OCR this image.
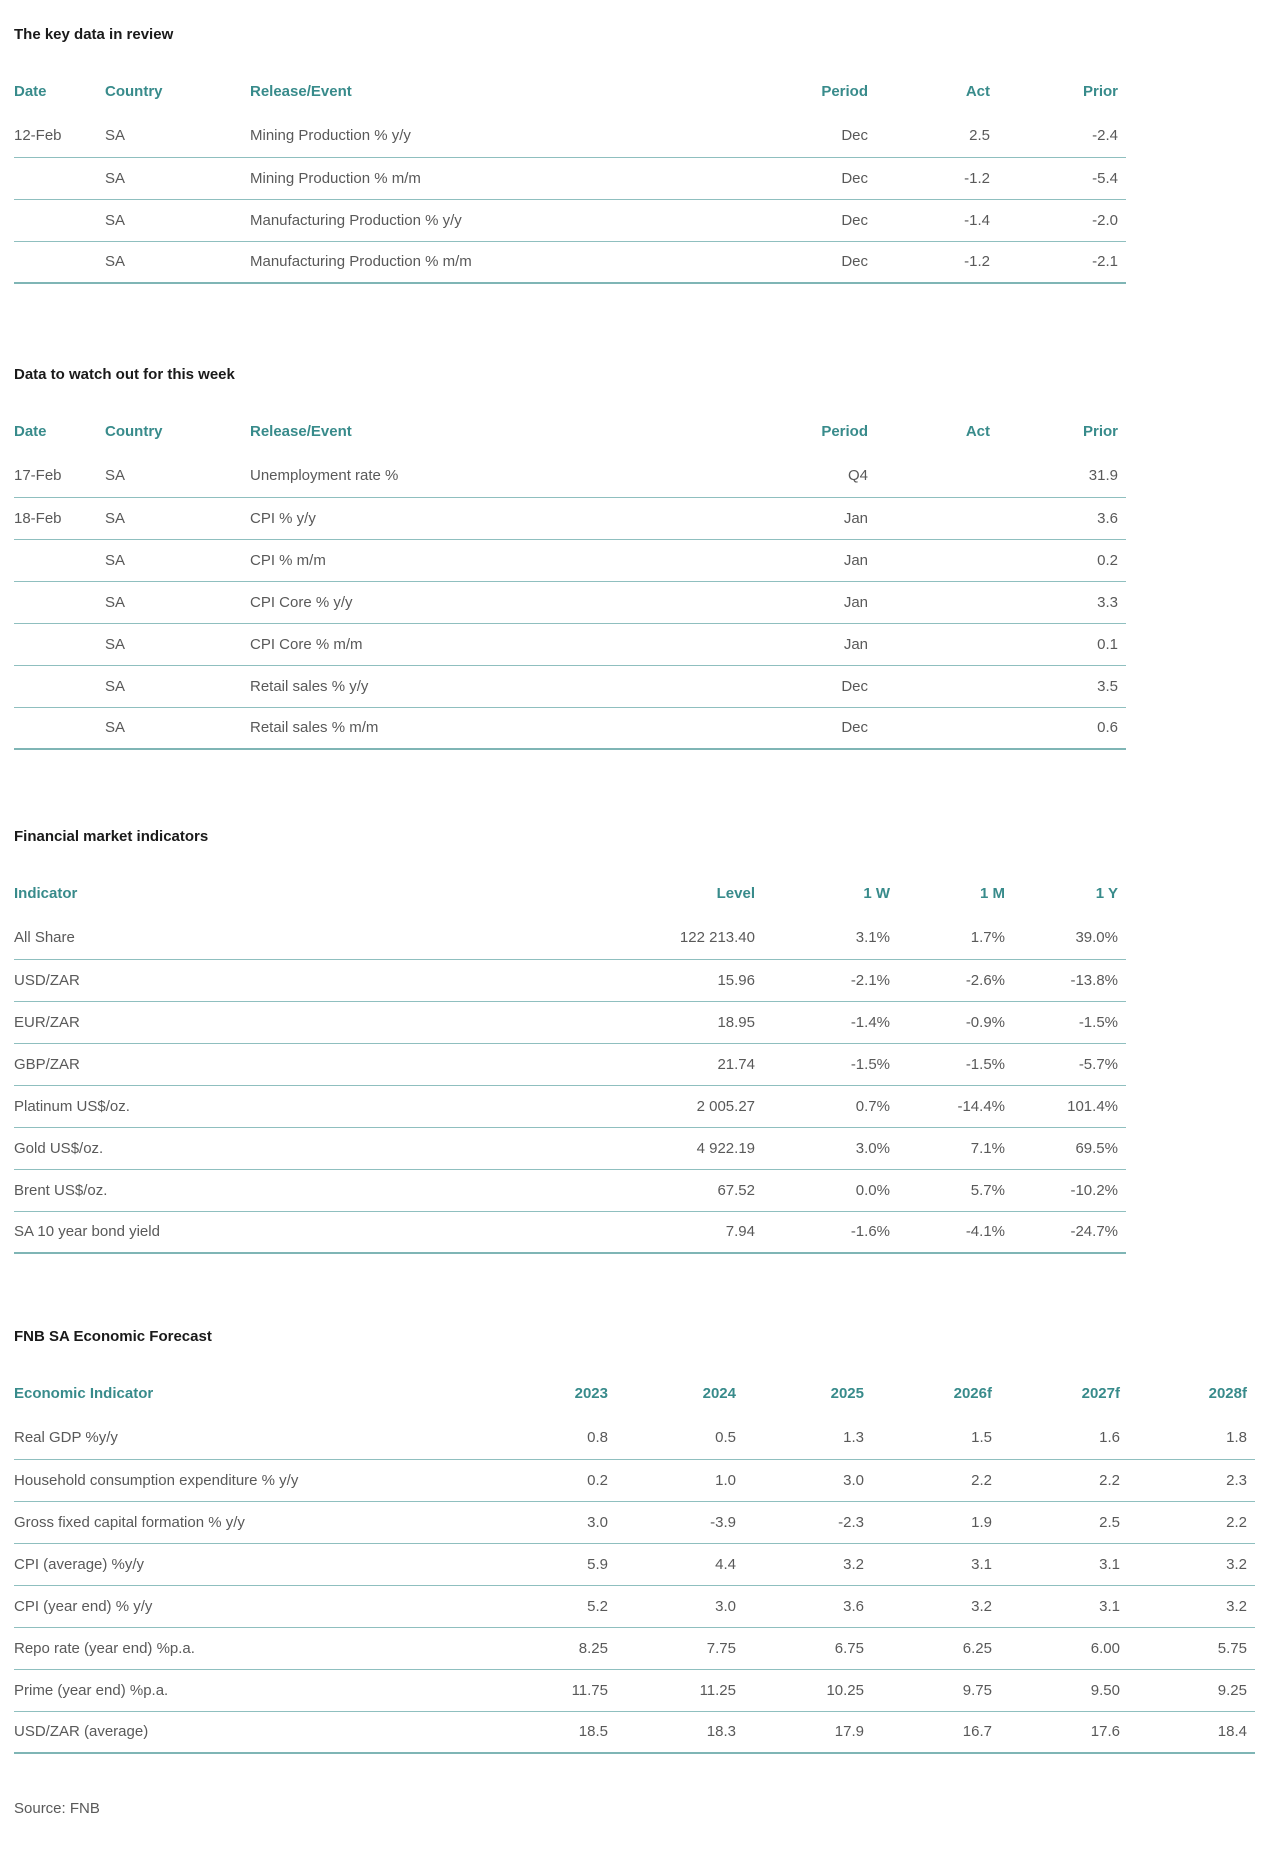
The key data in review
Date	Country	Release/Event	Period	Act	Prior
12-Feb	SA	Mining Production % y/y	Dec	2.5	-2.4
	SA	Mining Production % m/m	Dec	-1.2	-5.4
	SA	Manufacturing Production % y/y	Dec	-1.4	-2.0
	SA	Manufacturing Production % m/m	Dec	-1.2	-2.1
Data to watch out for this week
Date	Country	Release/Event	Period	Act	Prior
17-Feb	SA	Unemployment rate %	Q4		31.9
18-Feb	SA	CPI % y/y	Jan		3.6
	SA	CPI % m/m	Jan		0.2
	SA	CPI Core % y/y	Jan		3.3
	SA	CPI Core % m/m	Jan		0.1
	SA	Retail sales % y/y	Dec		3.5
	SA	Retail sales % m/m	Dec		0.6
Financial market indicators
Indicator	Level	1 W	1 M	1 Y
All Share	122 213.40	3.1%	1.7%	39.0%
USD/ZAR	15.96	-2.1%	-2.6%	-13.8%
EUR/ZAR	18.95	-1.4%	-0.9%	-1.5%
GBP/ZAR	21.74	-1.5%	-1.5%	-5.7%
Platinum US$/oz.	2 005.27	0.7%	-14.4%	101.4%
Gold US$/oz.	4 922.19	3.0%	7.1%	69.5%
Brent US$/oz.	67.52	0.0%	5.7%	-10.2%
SA 10 year bond yield	7.94	-1.6%	-4.1%	-24.7%
FNB SA Economic Forecast
Economic Indicator	2023	2024	2025	2026f	2027f	2028f
Real GDP %y/y	0.8	0.5	1.3	1.5	1.6	1.8
Household consumption expenditure % y/y	0.2	1.0	3.0	2.2	2.2	2.3
Gross fixed capital formation % y/y	3.0	-3.9	-2.3	1.9	2.5	2.2
CPI (average) %y/y	5.9	4.4	3.2	3.1	3.1	3.2
CPI (year end) % y/y	5.2	3.0	3.6	3.2	3.1	3.2
Repo rate (year end) %p.a.	8.25	7.75	6.75	6.25	6.00	5.75
Prime (year end) %p.a.	11.75	11.25	10.25	9.75	9.50	9.25
USD/ZAR (average)	18.5	18.3	17.9	16.7	17.6	18.4

Source: FNB
